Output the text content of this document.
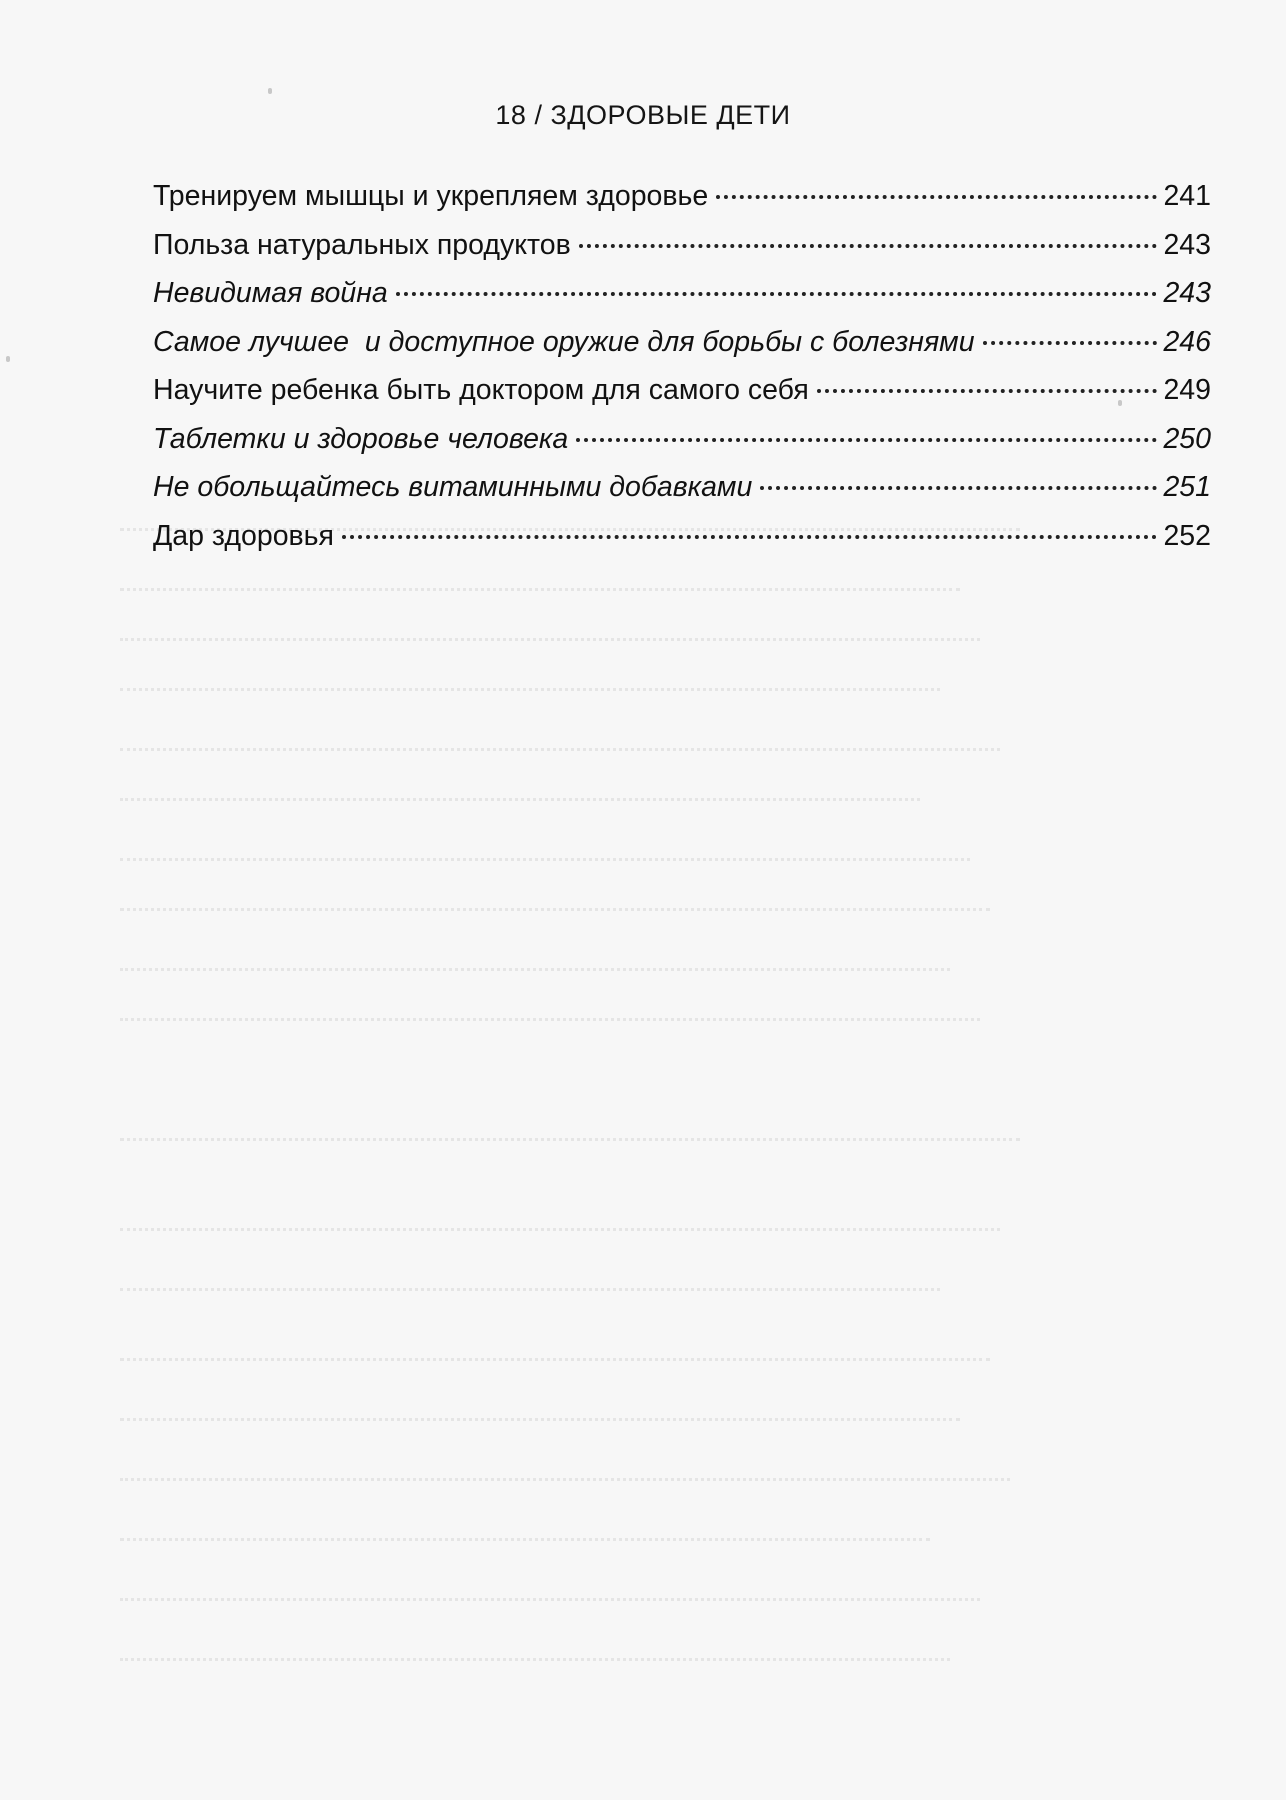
18 / ЗДОРОВЫЕ ДЕТИ
Тренируем мышцы и укрепляем здоровье	241
Польза натуральных продуктов	243
Невидимая война	243
Самое лучшее  и доступное оружие для борьбы с болезнями	246
Научите ребенка быть доктором для самого себя	249
Таблетки и здоровье человека	250
Не обольщайтесь витаминными добавками	251
Дар здоровья	252
